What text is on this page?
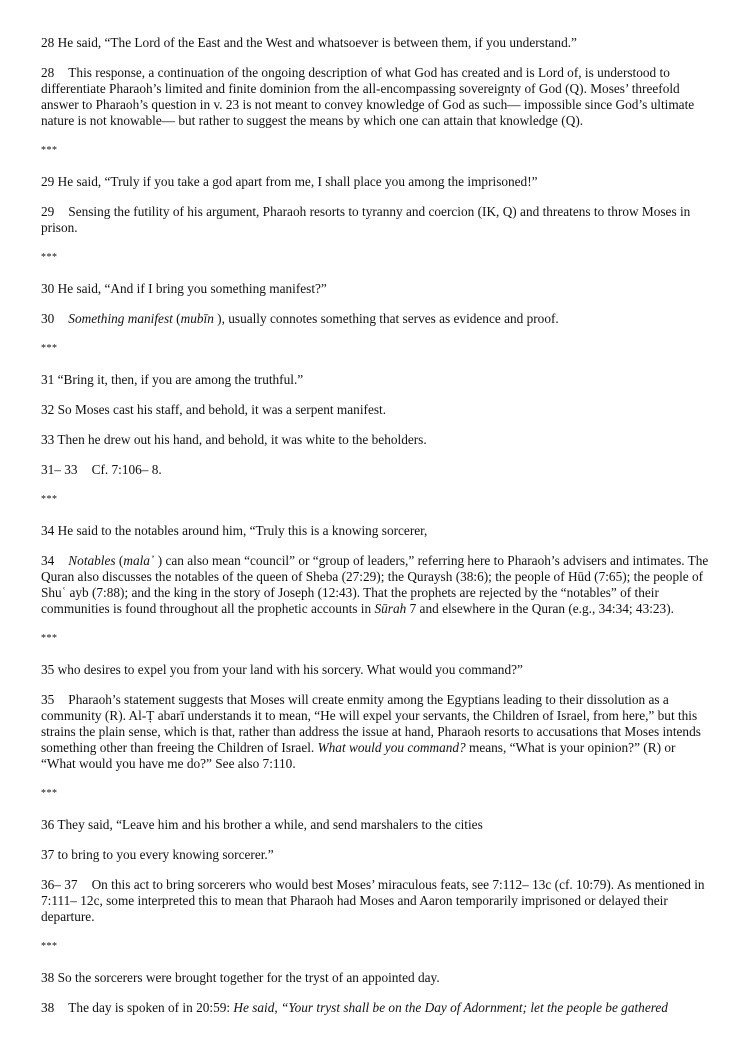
28 He said, “The Lord of the East and the West and whatsoever is between them, if you understand.”

28 This response, a continuation of the ongoing description of what God has created and is Lord of, is understood to differentiate Pharaoh’s limited and finite dominion from the all-encompassing sovereignty of God (Q). Moses’ threefold answer to Pharaoh’s question in v. 23 is not meant to convey knowledge of God as such— impossible since God’s ultimate nature is not knowable— but rather to suggest the means by which one can attain that knowledge (Q).

***

29 He said, “Truly if you take a god apart from me, I shall place you among the imprisoned!”

29 Sensing the futility of his argument, Pharaoh resorts to tyranny and coercion (IK, Q) and threatens to throw Moses in prison.

***

30 He said, “And if I bring you something manifest?”

30 Something manifest (mubīn ), usually connotes something that serves as evidence and proof.

***

31 “Bring it, then, if you are among the truthful.”

32 So Moses cast his staff, and behold, it was a serpent manifest.

33 Then he drew out his hand, and behold, it was white to the beholders.

31– 33 Cf. 7:106– 8.

***

34 He said to the notables around him, “Truly this is a knowing sorcerer,

34 Notables (mala᾿ ) can also mean “council” or “group of leaders,” referring here to Pharaoh’s advisers and intimates. The Quran also discusses the notables of the queen of Sheba (27:29); the Quraysh (38:6); the people of Hūd (7:65); the people of Shuʿ ayb (7:88); and the king in the story of Joseph (12:43). That the prophets are rejected by the “notables” of their communities is found throughout all the prophetic accounts in Sūrah 7 and elsewhere in the Quran (e.g., 34:34; 43:23).

***

35 who desires to expel you from your land with his sorcery. What would you command?”

35 Pharaoh’s statement suggests that Moses will create enmity among the Egyptians leading to their dissolution as a community (R). Al-Ṭ abarī understands it to mean, “He will expel your servants, the Children of Israel, from here,” but this strains the plain sense, which is that, rather than address the issue at hand, Pharaoh resorts to accusations that Moses intends something other than freeing the Children of Israel. What would you command? means, “What is your opinion?” (R) or “What would you have me do?” See also 7:110.

***

36 They said, “Leave him and his brother a while, and send marshalers to the cities

37 to bring to you every knowing sorcerer.”

36– 37 On this act to bring sorcerers who would best Moses’ miraculous feats, see 7:112– 13c (cf. 10:79). As mentioned in 7:111– 12c, some interpreted this to mean that Pharaoh had Moses and Aaron temporarily imprisoned or delayed their departure.

***

38 So the sorcerers were brought together for the tryst of an appointed day.

38 The day is spoken of in 20:59: He said, “Your tryst shall be on the Day of Adornment; let the people be gathered
